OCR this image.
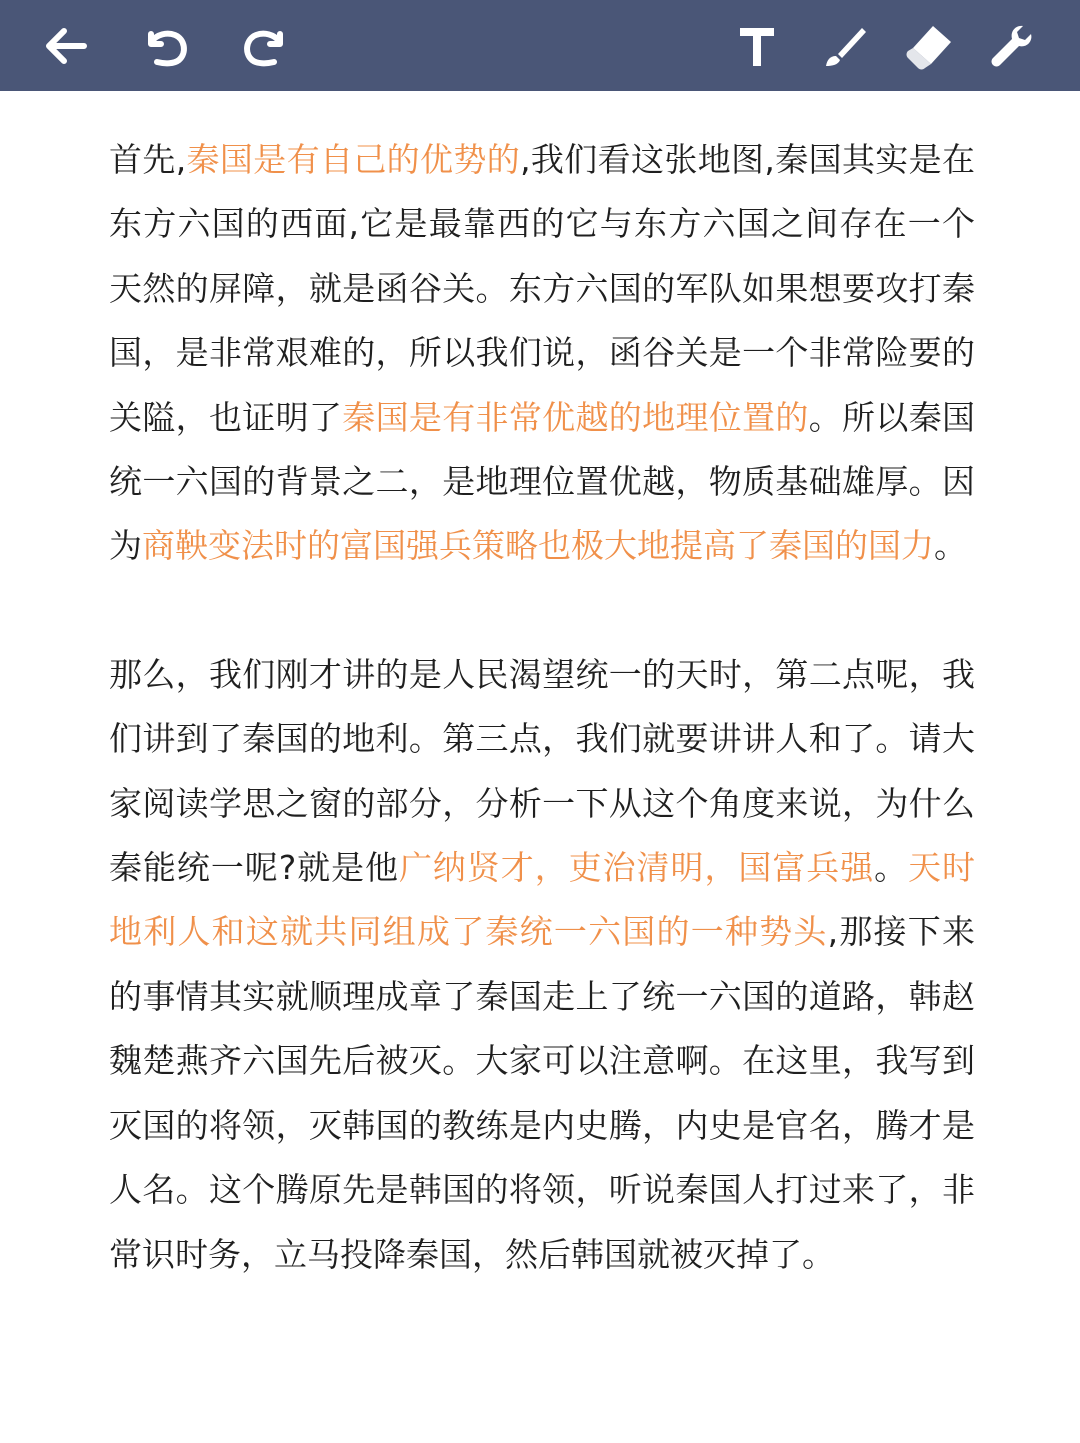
首先,秦国是有自己的优势的,我们看这张地图,秦国其实是在东方六国的西面,它是最靠西的它与东方六国之间存在一个天然的屏障，就是函谷关。东方六国的军队如果想要攻打秦国，是非常艰难的，所以我们说，函谷关是一个非常险要的关隘，也证明了秦国是有非常优越的地理位置的。所以秦国统一六国的背景之二，是地理位置优越，物质基础雄厚。因为商鞅变法时的富国强兵策略也极大地提高了秦国的国力。

那么，我们刚才讲的是人民渴望统一的天时，第二点呢，我们讲到了秦国的地利。第三点，我们就要讲讲人和了。请大家阅读学思之窗的部分，分析一下从这个角度来说，为什么秦能统一呢?就是他广纳贤才，吏治清明，国富兵强。天时地利人和这就共同组成了秦统一六国的一种势头,那接下来的事情其实就顺理成章了秦国走上了统一六国的道路，韩赵魏楚燕齐六国先后被灭。大家可以注意啊。在这里，我写到灭国的将领，灭韩国的教练是内史腾，内史是官名，腾才是人名。这个腾原先是韩国的将领，听说秦国人打过来了，非常识时务，立马投降秦国，然后韩国就被灭掉了。
